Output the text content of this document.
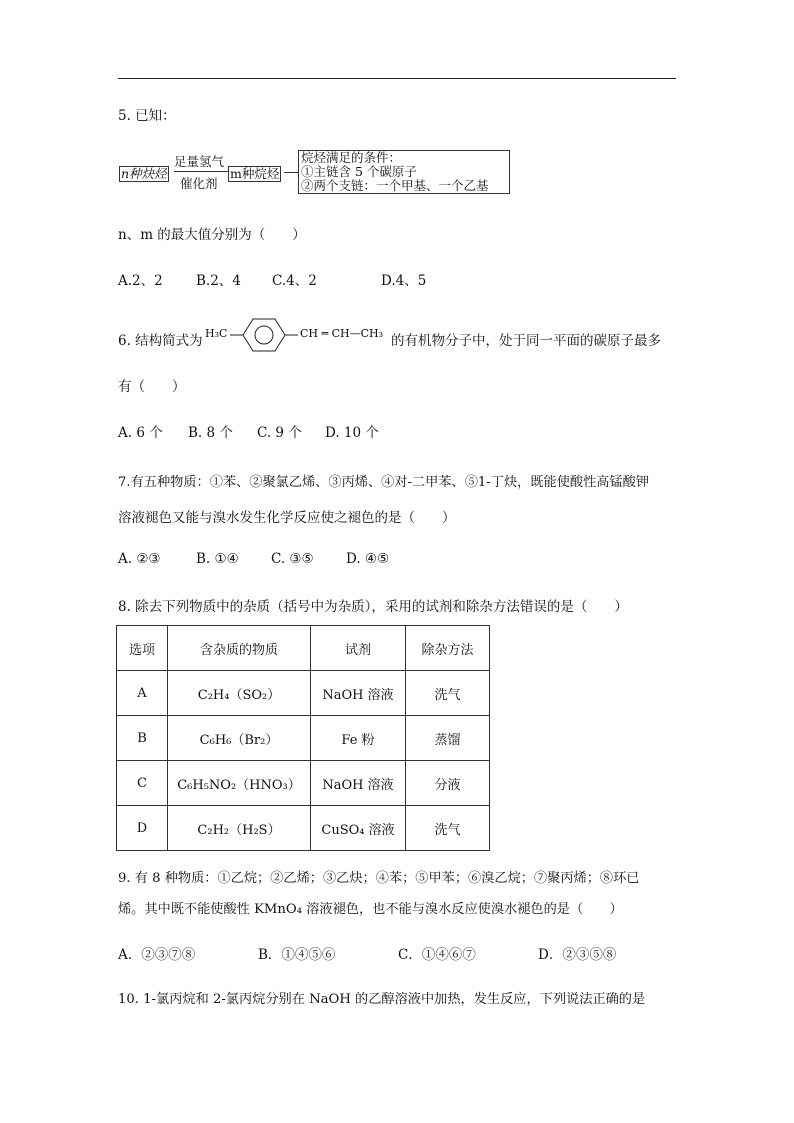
5. 已知：
n种炔烃
足量氢气
催化剂
m种烷烃
烷烃满足的条件：
①主链含 5 个碳原子
②两个支链：一个甲基、一个乙基
n、m 的最大值分别为（　　）
A.2、2 B.2、4 C.4、2	D.4、5
6. 结构简式为 H₃C	CH ═ CH—CH₃ 的有机物分子中，处于同一平面的碳原子最多
有（　　）
A. 6 个 B. 8 个 C. 9 个 D. 10 个
7.有五种物质：①苯、②聚氯乙烯、③丙烯、④对-二甲苯、⑤1-丁炔，既能使酸性高锰酸钾
溶液褪色又能与溴水发生化学反应使之褪色的是（　　）
A. ②③	B. ①④ C. ③⑤ D. ④⑤
8. 除去下列物质中的杂质（括号中为杂质），采用的试剂和除杂方法错误的是（　　）
选项	含杂质的物质	试剂	除杂方法
A	C₂H₄（SO₂）	NaOH 溶液	洗气
B	C₆H₆（Br₂）	Fe 粉	蒸馏
C	C₆H₅NO₂（HNO₃）	NaOH 溶液	分液
D	C₂H₂（H₂S）	CuSO₄ 溶液	洗气
9. 有 8 种物质：①乙烷；②乙烯；③乙炔；④苯；⑤甲苯；⑥溴乙烷；⑦聚丙烯；⑧环已
烯。其中既不能使酸性 KMnO₄ 溶液褪色，也不能与溴水反应使溴水褪色的是（　　）
A．②③⑦⑧	B．①④⑤⑥	C．①④⑥⑦	D．②③⑤⑧
10. 1-氯丙烷和 2-氯丙烷分别在 NaOH 的乙醇溶液中加热，发生反应，下列说法正确的是
